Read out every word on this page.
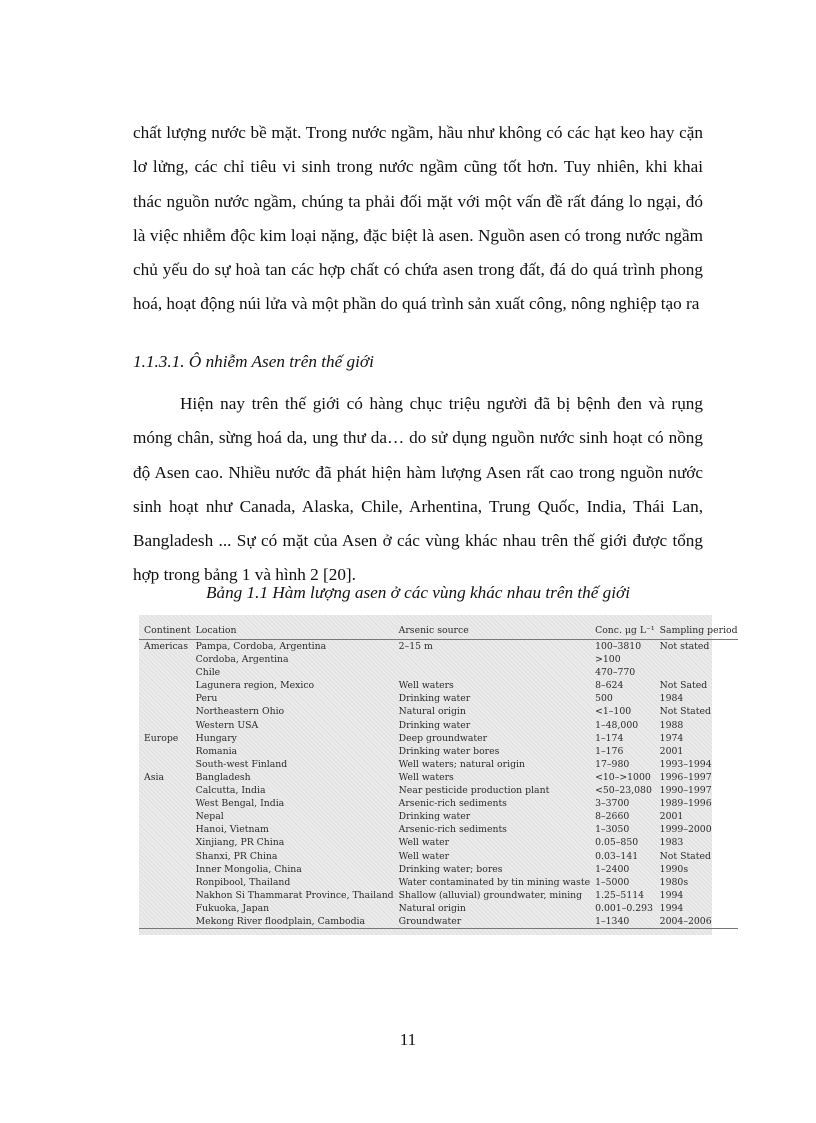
chất lượng nước bề mặt. Trong nước ngầm, hầu như không có các hạt keo hay cặn lơ lửng, các chỉ tiêu vi sinh trong nước ngầm cũng tốt hơn. Tuy nhiên, khi khai thác nguồn nước ngầm, chúng ta phải đối mặt với một vấn đề rất đáng lo ngại, đó là việc nhiễm độc kim loại nặng, đặc biệt là asen. Nguồn asen có trong nước ngầm chủ yếu do sự hoà tan các hợp chất có chứa asen trong đất, đá do quá trình phong hoá, hoạt động núi lửa và một phần do quá trình sản xuất công, nông nghiệp tạo ra

1.1.3.1. Ô nhiễm Asen trên thế giới

Hiện nay trên thế giới có hàng chục triệu người đã bị bệnh đen và rụng móng chân, sừng hoá da, ung thư da… do sử dụng nguồn nước sinh hoạt có nồng độ Asen cao. Nhiều nước đã phát hiện hàm lượng Asen rất cao trong nguồn nước sinh hoạt như Canada, Alaska, Chile, Arhentina, Trung Quốc, India, Thái Lan, Bangladesh ... Sự có mặt của Asen ở các vùng khác nhau trên thế giới được tổng hợp trong bảng 1 và hình 2 [20].

Bảng 1.1 Hàm lượng asen ở các vùng khác nhau trên thế giới
Continent	Location	Arsenic source	Conc. μg L⁻¹	Sampling period
Americas	Pampa, Cordoba, Argentina	2–15 m	100–3810	Not stated
	Cordoba, Argentina		>100	
	Chile		470–770	
	Lagunera region, Mexico	Well waters	8–624	Not Sated
	Peru	Drinking water	500	1984
	Northeastern Ohio	Natural origin	<1–100	Not Stated
	Western USA	Drinking water	1–48,000	1988
Europe	Hungary	Deep groundwater	1–174	1974
	Romania	Drinking water bores	1–176	2001
	South-west Finland	Well waters; natural origin	17–980	1993–1994
Asia	Bangladesh	Well waters	<10–>1000	1996–1997
	Calcutta, India	Near pesticide production plant	<50–23,080	1990–1997
	West Bengal, India	Arsenic-rich sediments	3–3700	1989–1996
	Nepal	Drinking water	8–2660	2001
	Hanoi, Vietnam	Arsenic-rich sediments	1–3050	1999–2000
	Xinjiang, PR China	Well water	0.05–850	1983
	Shanxi, PR China	Well water	0.03–141	Not Stated
	Inner Mongolia, China	Drinking water; bores	1–2400	1990s
	Ronpibool, Thailand	Water contaminated by tin mining waste	1–5000	1980s
	Nakhon Si Thammarat Province, Thailand	Shallow (alluvial) groundwater, mining	1.25–5114	1994
	Fukuoka, Japan	Natural origin	0.001–0.293	1994
	Mekong River floodplain, Cambodia	Groundwater	1–1340	2004–2006
11
